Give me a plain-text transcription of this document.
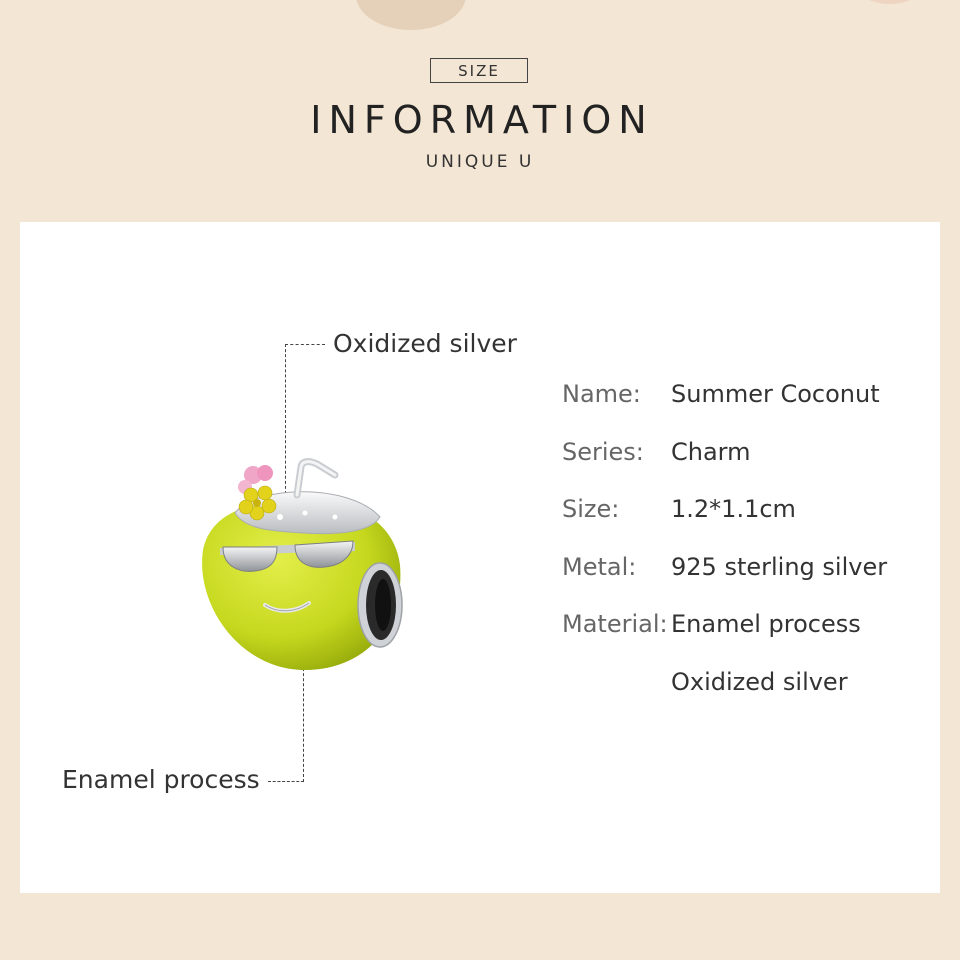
SIZE
INFORMATION
UNIQUE U
Oxidized silver
Enamel process
Name: Summer Coconut
Series: Charm
Size: 1.2*1.1cm
Metal: 925 sterling silver
Material: Enamel process
Oxidized silver
